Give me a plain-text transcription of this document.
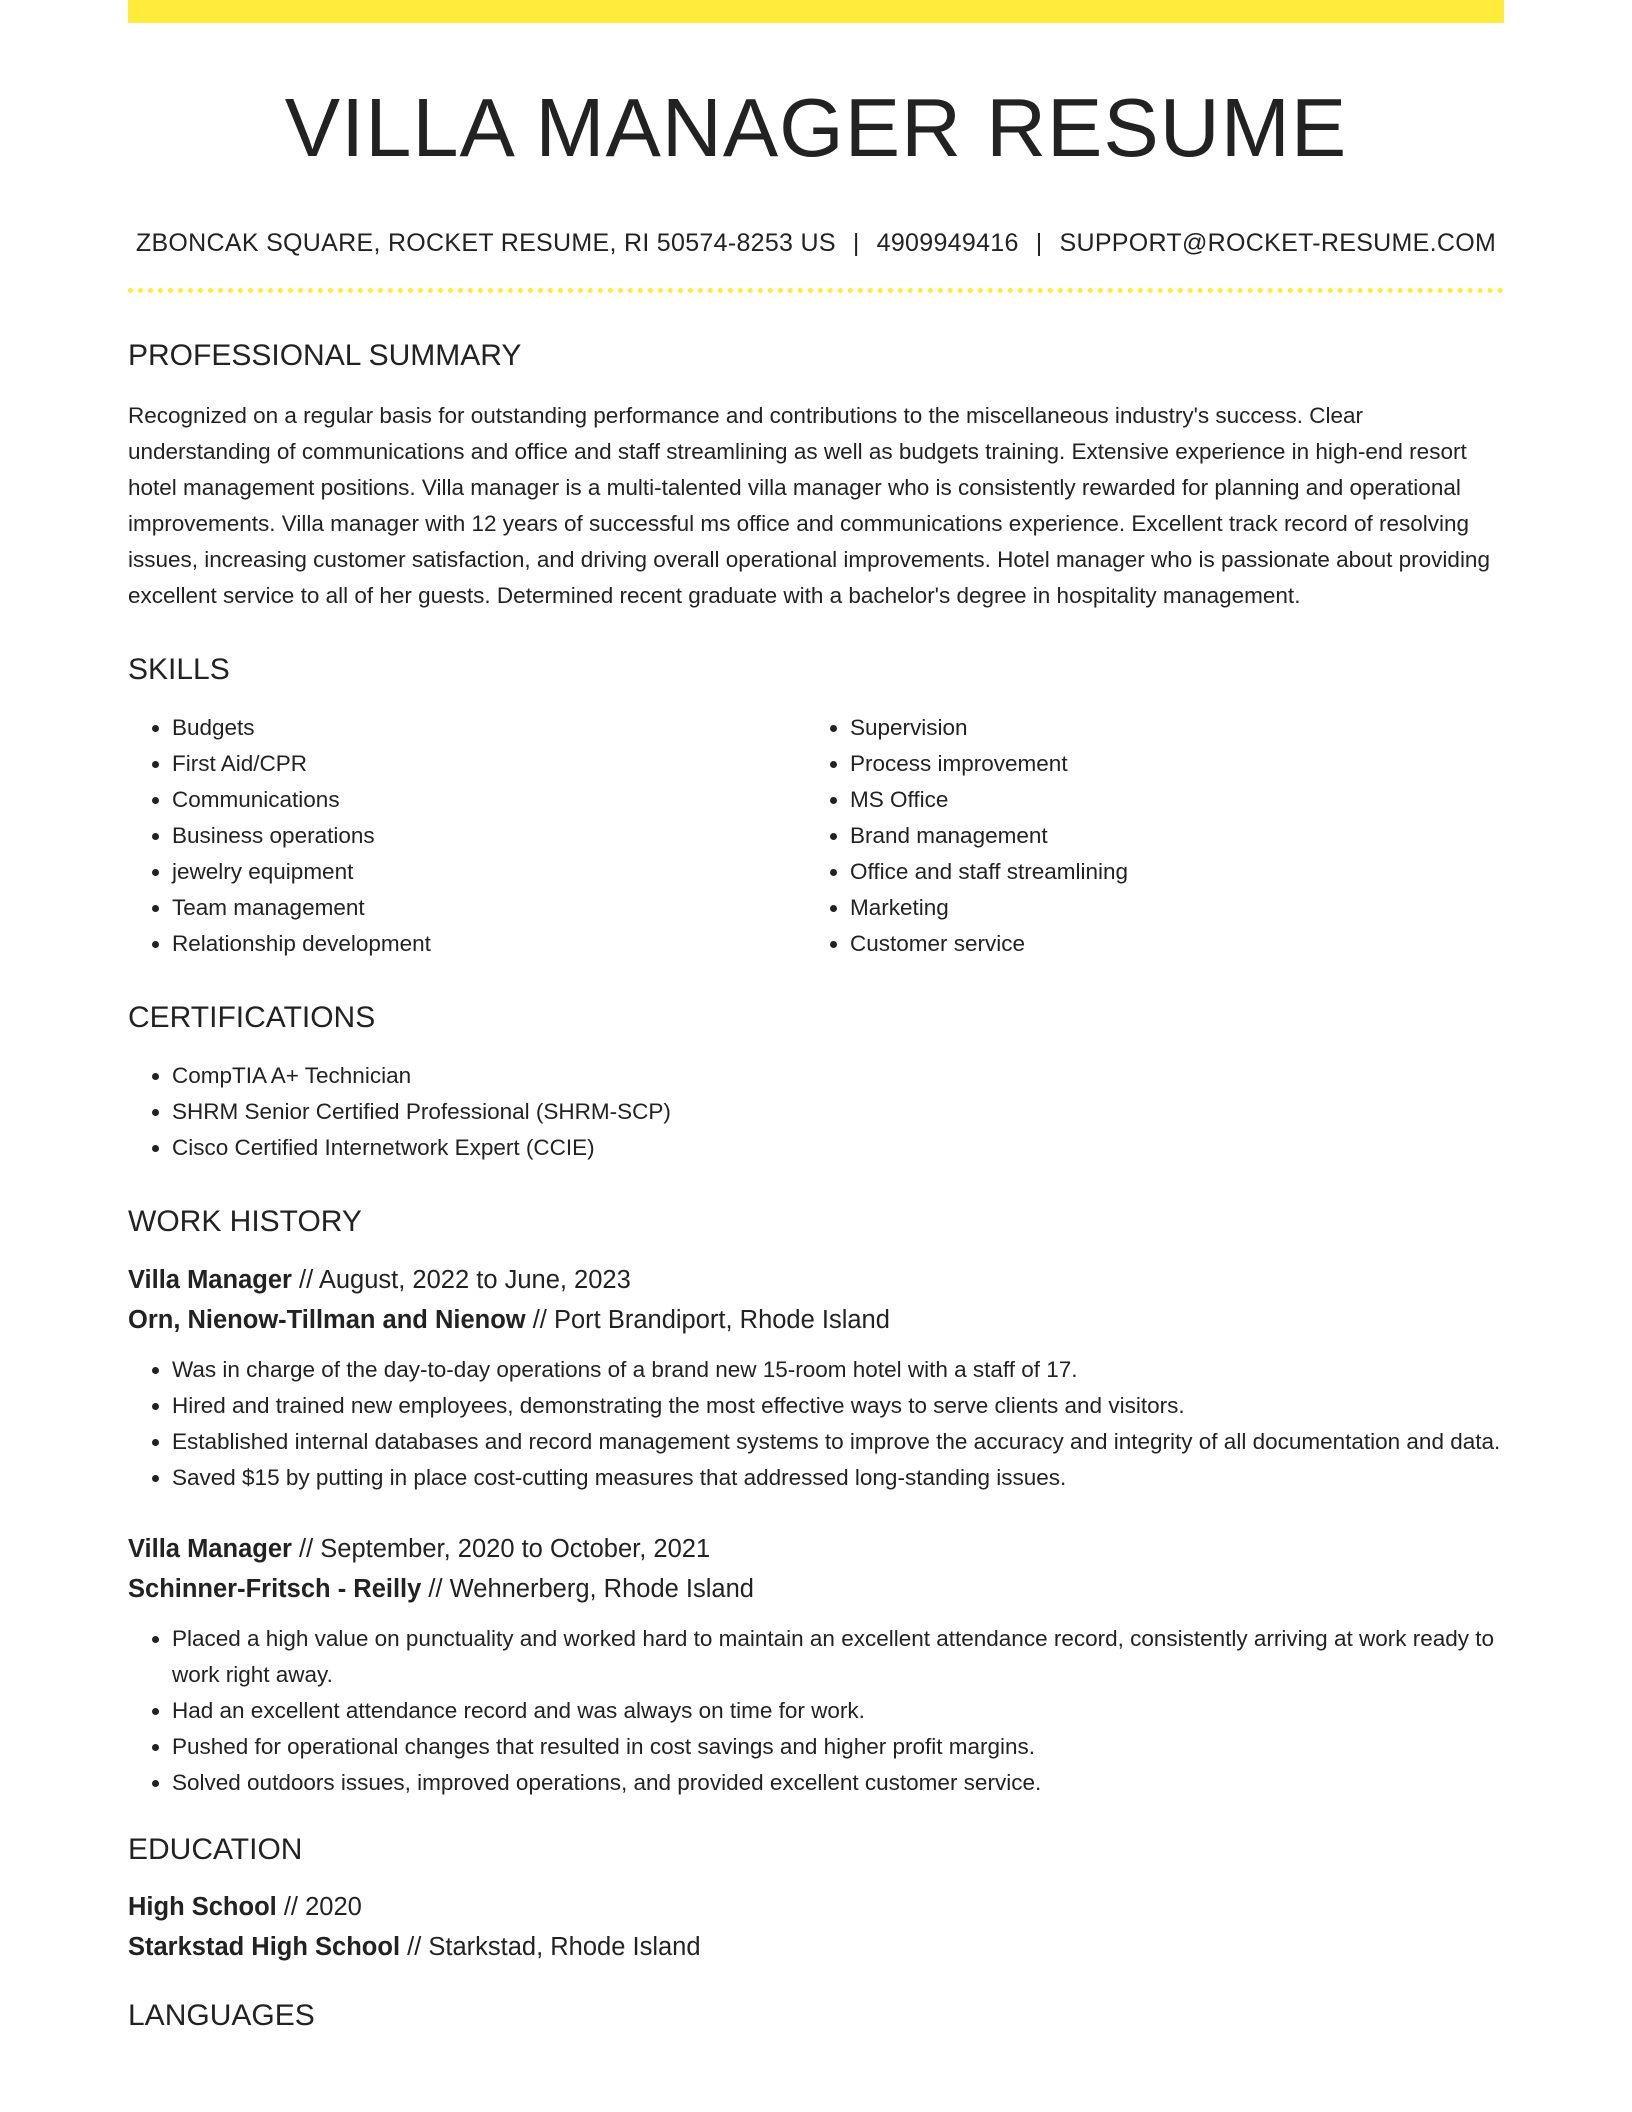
VILLA MANAGER RESUME
ZBONCAK SQUARE, ROCKET RESUME, RI 50574-8253 US | 4909949416 | SUPPORT@ROCKET-RESUME.COM
PROFESSIONAL SUMMARY
Recognized on a regular basis for outstanding performance and contributions to the miscellaneous industry's success. Clear understanding of communications and office and staff streamlining as well as budgets training. Extensive experience in high-end resort hotel management positions. Villa manager is a multi-talented villa manager who is consistently rewarded for planning and operational improvements. Villa manager with 12 years of successful ms office and communications experience. Excellent track record of resolving issues, increasing customer satisfaction, and driving overall operational improvements. Hotel manager who is passionate about providing excellent service to all of her guests. Determined recent graduate with a bachelor's degree in hospitality management.
SKILLS
• Budgets
• First Aid/CPR
• Communications
• Business operations
• jewelry equipment
• Team management
• Relationship development
• Supervision
• Process improvement
• MS Office
• Brand management
• Office and staff streamlining
• Marketing
• Customer service
CERTIFICATIONS
• CompTIA A+ Technician
• SHRM Senior Certified Professional (SHRM-SCP)
• Cisco Certified Internetwork Expert (CCIE)
WORK HISTORY
Villa Manager // August, 2022 to June, 2023
Orn, Nienow-Tillman and Nienow // Port Brandiport, Rhode Island
• Was in charge of the day-to-day operations of a brand new 15-room hotel with a staff of 17.
• Hired and trained new employees, demonstrating the most effective ways to serve clients and visitors.
• Established internal databases and record management systems to improve the accuracy and integrity of all documentation and data.
• Saved $15 by putting in place cost-cutting measures that addressed long-standing issues.
Villa Manager // September, 2020 to October, 2021
Schinner-Fritsch - Reilly // Wehnerberg, Rhode Island
• Placed a high value on punctuality and worked hard to maintain an excellent attendance record, consistently arriving at work ready to work right away.
• Had an excellent attendance record and was always on time for work.
• Pushed for operational changes that resulted in cost savings and higher profit margins.
• Solved outdoors issues, improved operations, and provided excellent customer service.
EDUCATION
High School // 2020
Starkstad High School // Starkstad, Rhode Island
LANGUAGES
